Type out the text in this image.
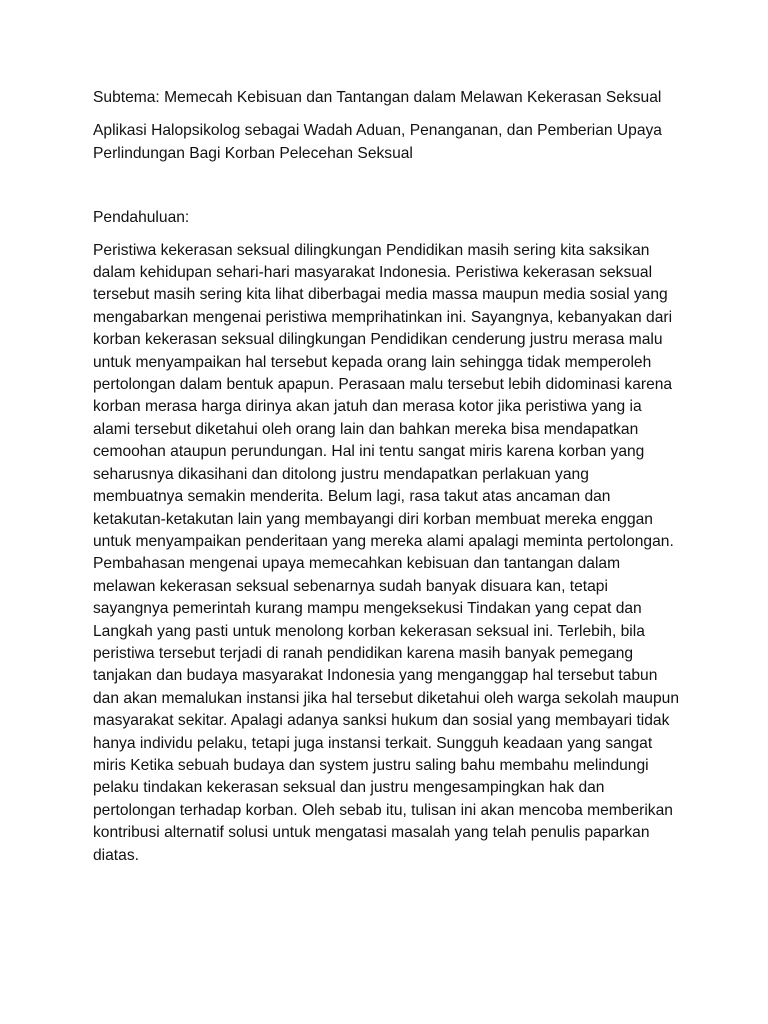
Subtema: Memecah Kebisuan dan Tantangan dalam Melawan Kekerasan Seksual

Aplikasi Halopsikolog sebagai Wadah Aduan, Penanganan, dan Pemberian Upaya Perlindungan Bagi Korban Pelecehan Seksual

Pendahuluan:

Peristiwa kekerasan seksual dilingkungan Pendidikan masih sering kita saksikan dalam kehidupan sehari-hari masyarakat Indonesia. Peristiwa kekerasan seksual tersebut masih sering kita lihat diberbagai media massa maupun media sosial yang mengabarkan mengenai peristiwa memprihatinkan ini. Sayangnya, kebanyakan dari korban kekerasan seksual dilingkungan Pendidikan cenderung justru merasa malu untuk menyampaikan hal tersebut kepada orang lain sehingga tidak memperoleh pertolongan dalam bentuk apapun. Perasaan malu tersebut lebih didominasi karena korban merasa harga dirinya akan jatuh dan merasa kotor jika peristiwa yang ia alami tersebut diketahui oleh orang lain dan bahkan mereka bisa mendapatkan cemoohan ataupun perundungan. Hal ini tentu sangat miris karena korban yang seharusnya dikasihani dan ditolong justru mendapatkan perlakuan yang membuatnya semakin menderita. Belum lagi, rasa takut atas ancaman dan ketakutan-ketakutan lain yang membayangi diri korban membuat mereka enggan untuk menyampaikan penderitaan yang mereka alami apalagi meminta pertolongan. Pembahasan mengenai upaya memecahkan kebisuan dan tantangan dalam melawan kekerasan seksual sebenarnya sudah banyak disuara kan, tetapi sayangnya pemerintah kurang mampu mengeksekusi Tindakan yang cepat dan Langkah yang pasti untuk menolong korban kekerasan seksual ini. Terlebih, bila peristiwa tersebut terjadi di ranah pendidikan karena masih banyak pemegang tanjakan dan budaya masyarakat Indonesia yang menganggap hal tersebut tabun dan akan memalukan instansi jika hal tersebut diketahui oleh warga sekolah maupun masyarakat sekitar. Apalagi adanya sanksi hukum dan sosial yang membayari tidak hanya individu pelaku, tetapi juga instansi terkait. Sungguh keadaan yang sangat miris Ketika sebuah budaya dan system justru saling bahu membahu melindungi pelaku tindakan kekerasan seksual dan justru mengesampingkan hak dan pertolongan terhadap korban. Oleh sebab itu, tulisan ini akan mencoba memberikan kontribusi alternatif solusi untuk mengatasi masalah yang telah penulis paparkan diatas.
